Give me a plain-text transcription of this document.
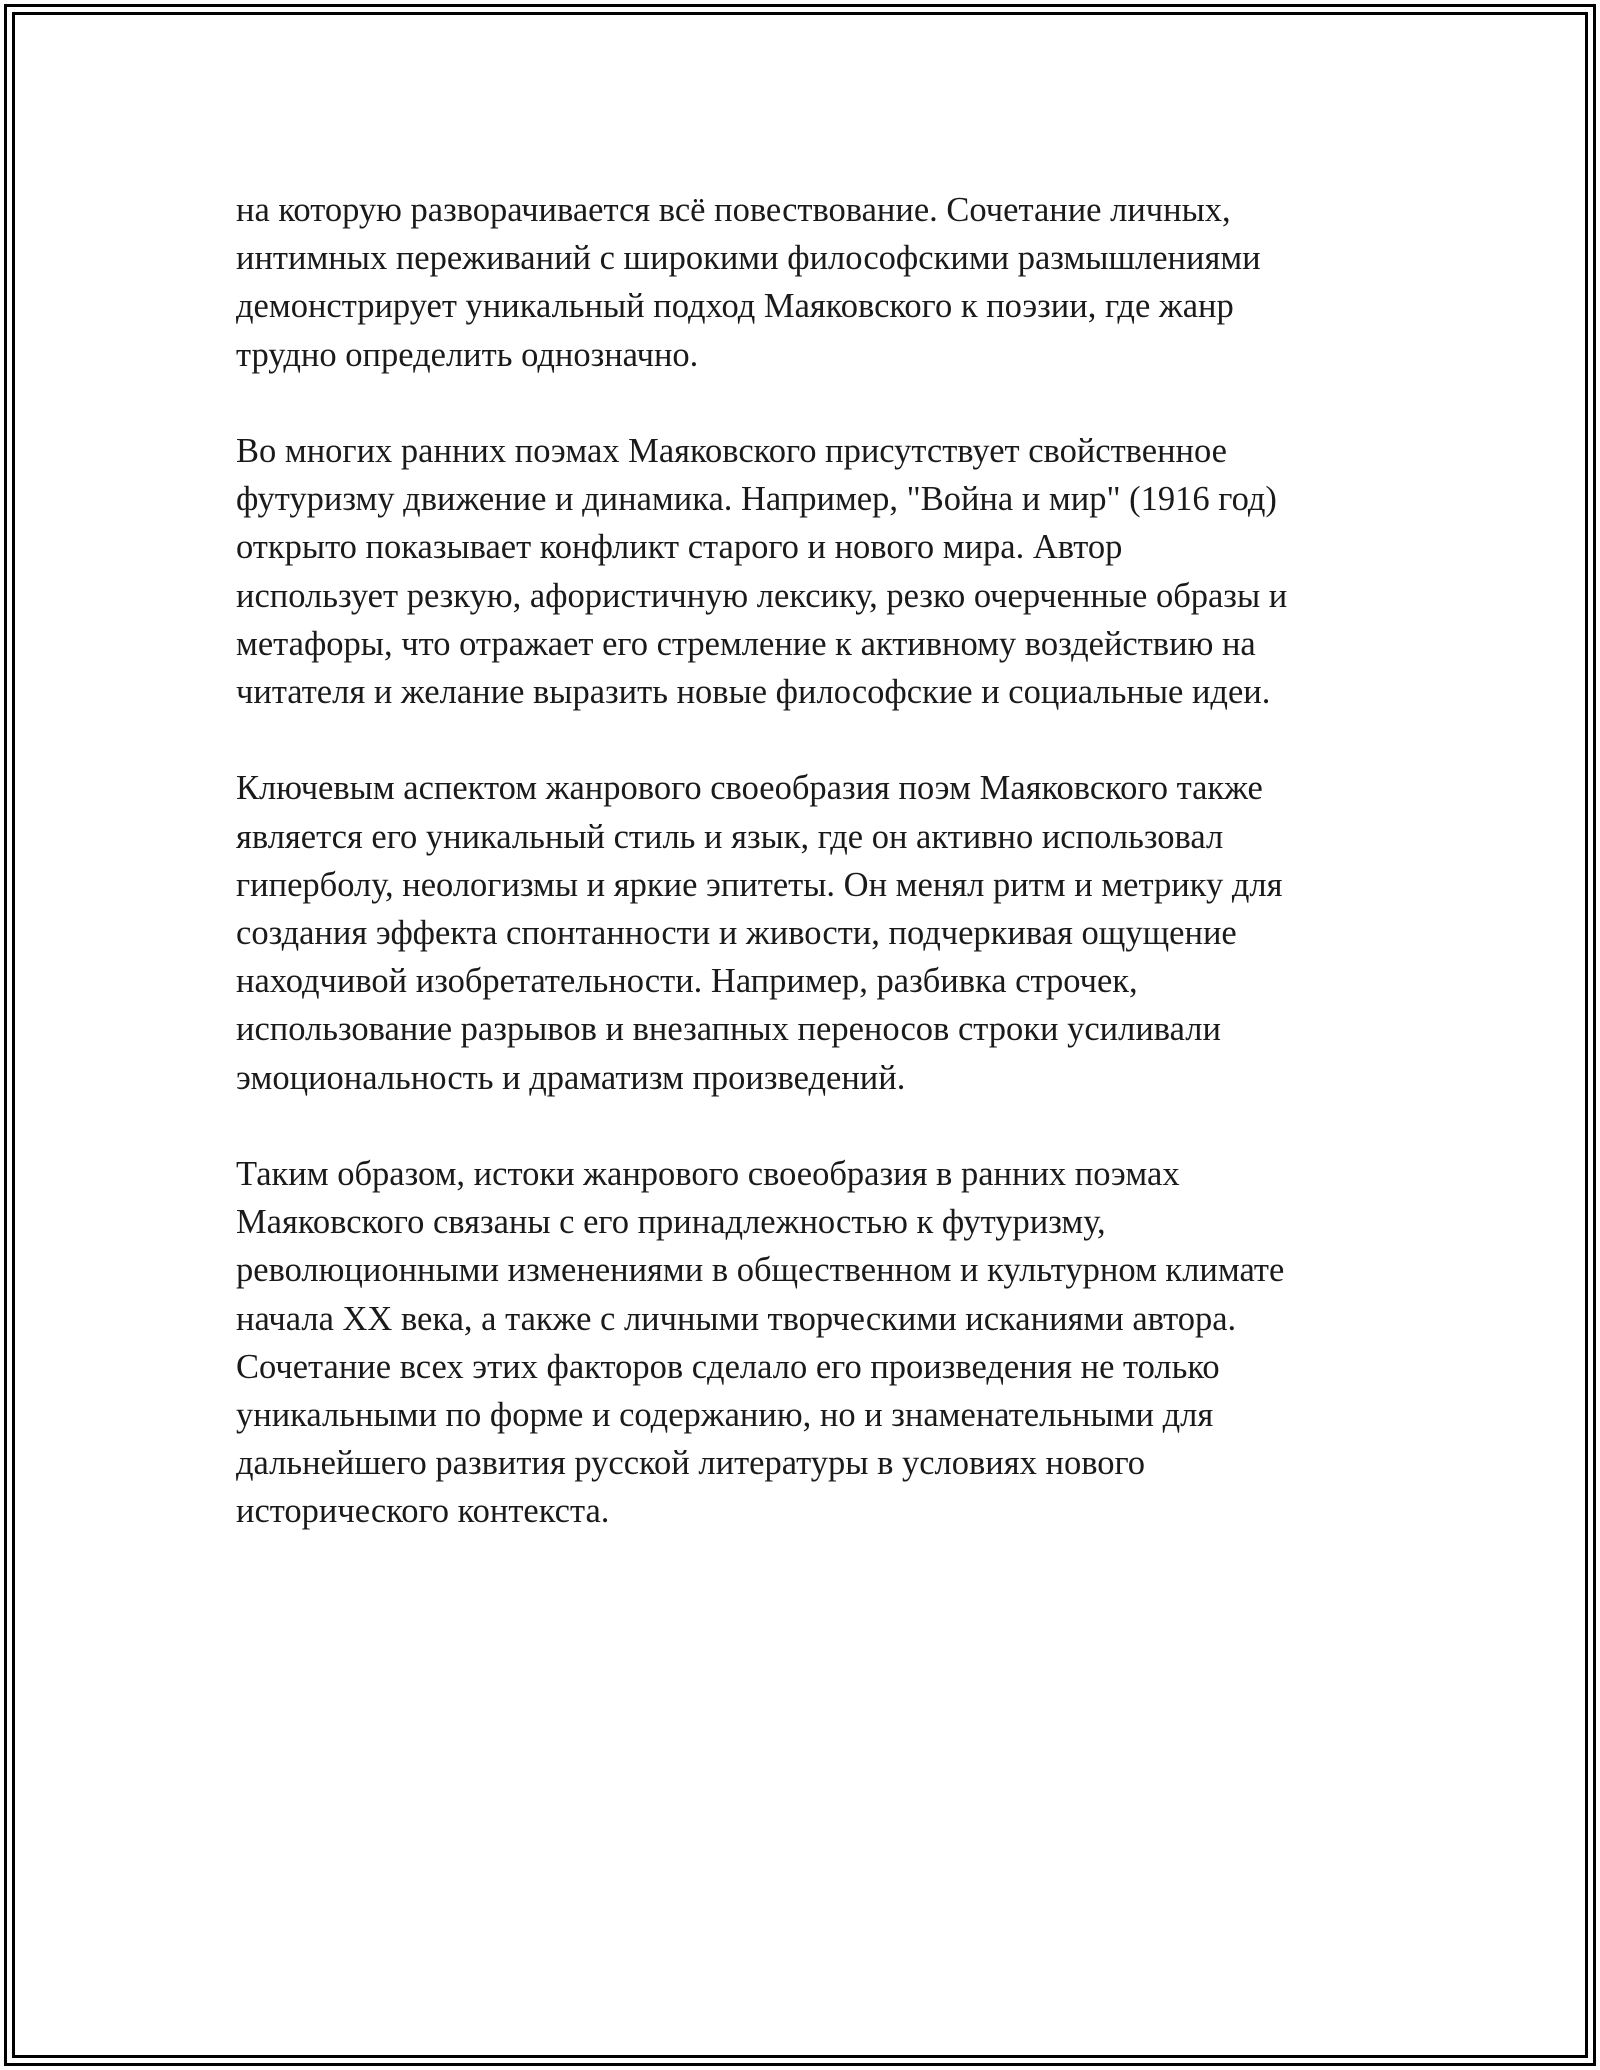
на которую разворачивается всё повествование. Сочетание личных,
интимных переживаний с широкими философскими размышлениями
демонстрирует уникальный подход Маяковского к поэзии, где жанр
трудно определить однозначно.

Во многих ранних поэмах Маяковского присутствует свойственное
футуризму движение и динамика. Например, "Война и мир" (1916 год)
открыто показывает конфликт старого и нового мира. Автор
использует резкую, афористичную лексику, резко очерченные образы и
метафоры, что отражает его стремление к активному воздействию на
читателя и желание выразить новые философские и социальные идеи.

Ключевым аспектом жанрового своеобразия поэм Маяковского также
является его уникальный стиль и язык, где он активно использовал
гиперболу, неологизмы и яркие эпитеты. Он менял ритм и метрику для
создания эффекта спонтанности и живости, подчеркивая ощущение
находчивой изобретательности. Например, разбивка строчек,
использование разрывов и внезапных переносов строки усиливали
эмоциональность и драматизм произведений.

Таким образом, истоки жанрового своеобразия в ранних поэмах
Маяковского связаны с его принадлежностью к футуризму,
революционными изменениями в общественном и культурном климате
начала XX века, а также с личными творческими исканиями автора.
Сочетание всех этих факторов сделало его произведения не только
уникальными по форме и содержанию, но и знаменательными для
дальнейшего развития русской литературы в условиях нового
исторического контекста.
